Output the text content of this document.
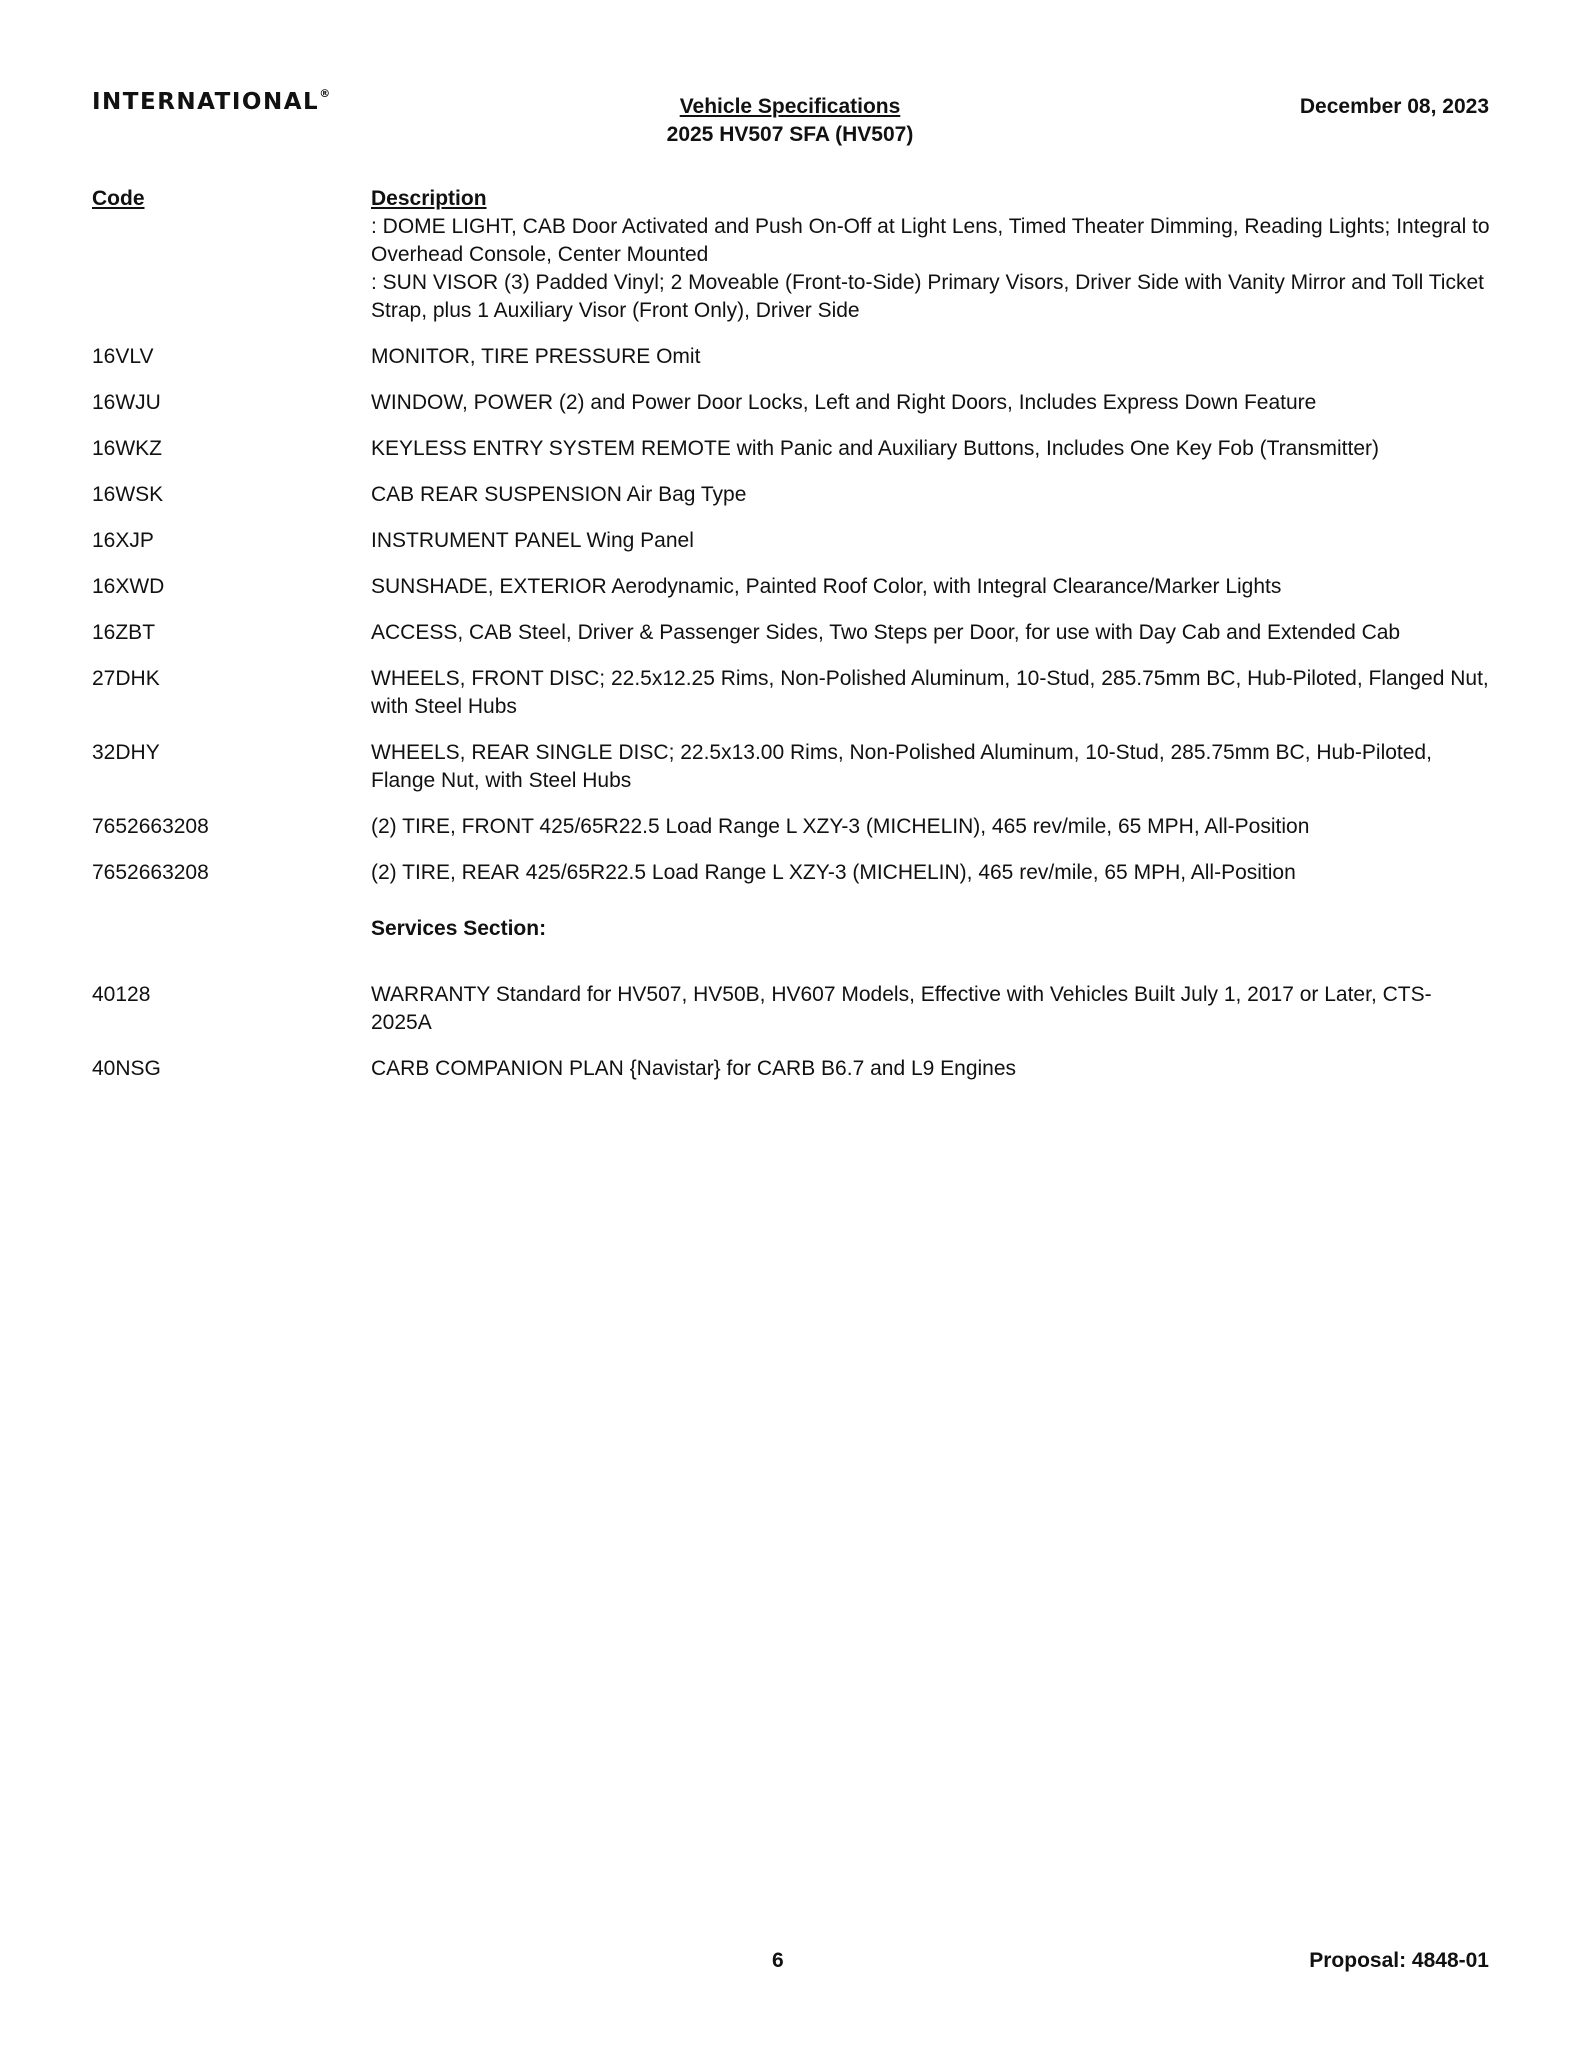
INTERNATIONAL®
Vehicle Specifications
2025 HV507 SFA (HV507)
December 08, 2023
Code	Description
: DOME LIGHT, CAB Door Activated and Push On-Off at Light Lens, Timed Theater Dimming, Reading Lights; Integral to Overhead Console, Center Mounted
: SUN VISOR (3) Padded Vinyl; 2 Moveable (Front-to-Side) Primary Visors, Driver Side with Vanity Mirror and Toll Ticket Strap, plus 1 Auxiliary Visor (Front Only), Driver Side
16VLV	MONITOR, TIRE PRESSURE Omit
16WJU	WINDOW, POWER (2) and Power Door Locks, Left and Right Doors, Includes Express Down Feature
16WKZ	KEYLESS ENTRY SYSTEM REMOTE with Panic and Auxiliary Buttons, Includes One Key Fob (Transmitter)
16WSK	CAB REAR SUSPENSION Air Bag Type
16XJP	INSTRUMENT PANEL Wing Panel
16XWD	SUNSHADE, EXTERIOR Aerodynamic, Painted Roof Color, with Integral Clearance/Marker Lights
16ZBT	ACCESS, CAB Steel, Driver & Passenger Sides, Two Steps per Door, for use with Day Cab and Extended Cab
27DHK	WHEELS, FRONT DISC; 22.5x12.25 Rims, Non-Polished Aluminum, 10-Stud, 285.75mm BC, Hub-Piloted, Flanged Nut, with Steel Hubs
32DHY	WHEELS, REAR SINGLE DISC; 22.5x13.00 Rims, Non-Polished Aluminum, 10-Stud, 285.75mm BC, Hub-Piloted, Flange Nut, with Steel Hubs
7652663208	(2) TIRE, FRONT 425/65R22.5 Load Range L XZY-3 (MICHELIN), 465 rev/mile, 65 MPH, All-Position
7652663208	(2) TIRE, REAR 425/65R22.5 Load Range L XZY-3 (MICHELIN), 465 rev/mile, 65 MPH, All-Position
Services Section:
40128	WARRANTY Standard for HV507, HV50B, HV607 Models, Effective with Vehicles Built July 1, 2017 or Later, CTS-2025A
40NSG	CARB COMPANION PLAN {Navistar} for CARB B6.7 and L9 Engines
6	Proposal: 4848-01
